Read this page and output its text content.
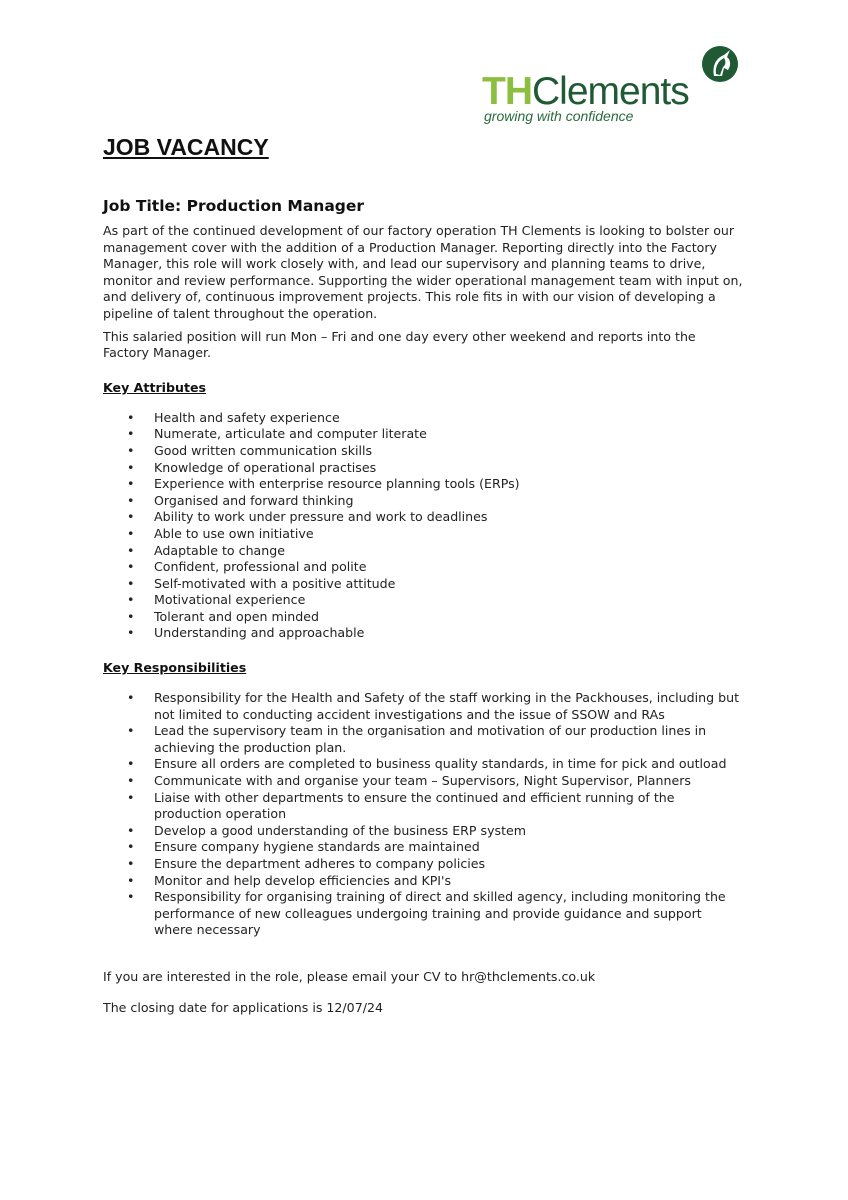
THClements
growing with confidence
JOB VACANCY
Job Title: Production Manager

As part of the continued development of our factory operation TH Clements is looking to bolster our management cover with the addition of a Production Manager. Reporting directly into the Factory Manager, this role will work closely with, and lead our supervisory and planning teams to drive, monitor and review performance. Supporting the wider operational management team with input on, and delivery of, continuous improvement projects. This role fits in with our vision of developing a pipeline of talent throughout the operation.

This salaried position will run Mon – Fri and one day every other weekend and reports into the Factory Manager.

Key Attributes
• Health and safety experience
• Numerate, articulate and computer literate
• Good written communication skills
• Knowledge of operational practises
• Experience with enterprise resource planning tools (ERPs)
• Organised and forward thinking
• Ability to work under pressure and work to deadlines
• Able to use own initiative
• Adaptable to change
• Confident, professional and polite
• Self-motivated with a positive attitude
• Motivational experience
• Tolerant and open minded
• Understanding and approachable
Key Responsibilities
• Responsibility for the Health and Safety of the staff working in the Packhouses, including but not limited to conducting accident investigations and the issue of SSOW and RAs
• Lead the supervisory team in the organisation and motivation of our production lines in achieving the production plan.
• Ensure all orders are completed to business quality standards, in time for pick and outload
• Communicate with and organise your team – Supervisors, Night Supervisor, Planners
• Liaise with other departments to ensure the continued and efficient running of the production operation
• Develop a good understanding of the business ERP system
• Ensure company hygiene standards are maintained
• Ensure the department adheres to company policies
• Monitor and help develop efficiencies and KPI's
• Responsibility for organising training of direct and skilled agency, including monitoring the performance of new colleagues undergoing training and provide guidance and support where necessary

If you are interested in the role, please email your CV to hr@thclements.co.uk

The closing date for applications is 12/07/24
